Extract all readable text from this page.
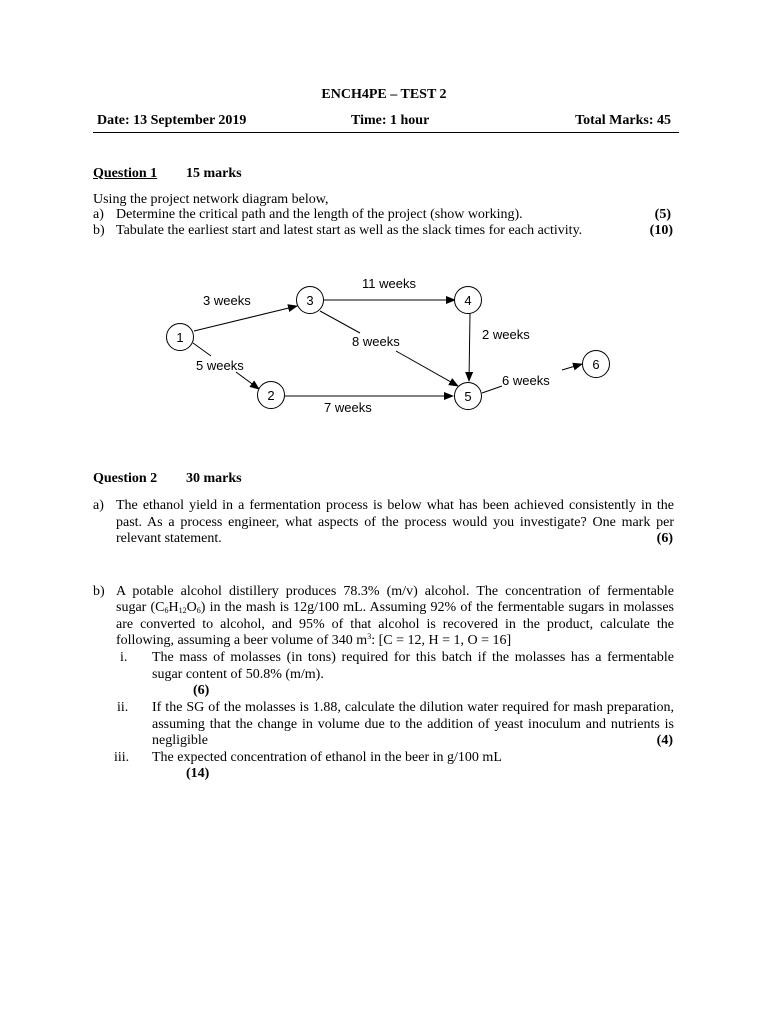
ENCH4PE – TEST 2
Date: 13 September 2019	Time: 1 hour	Total Marks: 45
Question 1 15 marks
Using the project network diagram below,
a) Determine the critical path and the length of the project (show working).	(5)
b) Tabulate the earliest start and latest start as well as the slack times for each activity.	(10)
1
2
3	4
5
6
3 weeks
5 weeks
11 weeks
8 weeks	2 weeks
7 weeks
6 weeks
Question 2 30 marks
a) The ethanol yield in a fermentation process is below what has been achieved consistently in the past. As a process engineer, what aspects of the process would you investigate? One mark per relevant statement.	(6)
b) A potable alcohol distillery produces 78.3% (m/v) alcohol. The concentration of fermentable
sugar $(C_6H_{12}O_6)$ in the mash is 12g/100 mL. Assuming 92% of the fermentable sugars in molasses
are converted to alcohol, and 95% of that alcohol is recovered in the product, calculate the
following, assuming a beer volume of 340 $m^3$: [C = 12, H = 1, O = 16]
i. The mass of molasses (in tons) required for this batch if the molasses has a fermentable sugar content of 50.8% (m/m).
(6)
ii. If the SG of the molasses is 1.88, calculate the dilution water required for mash preparation, assuming that the change in volume due to the addition of yeast inoculum and nutrients is negligible	(4)
iii. The expected concentration of ethanol in the beer in g/100 mL
(14)
